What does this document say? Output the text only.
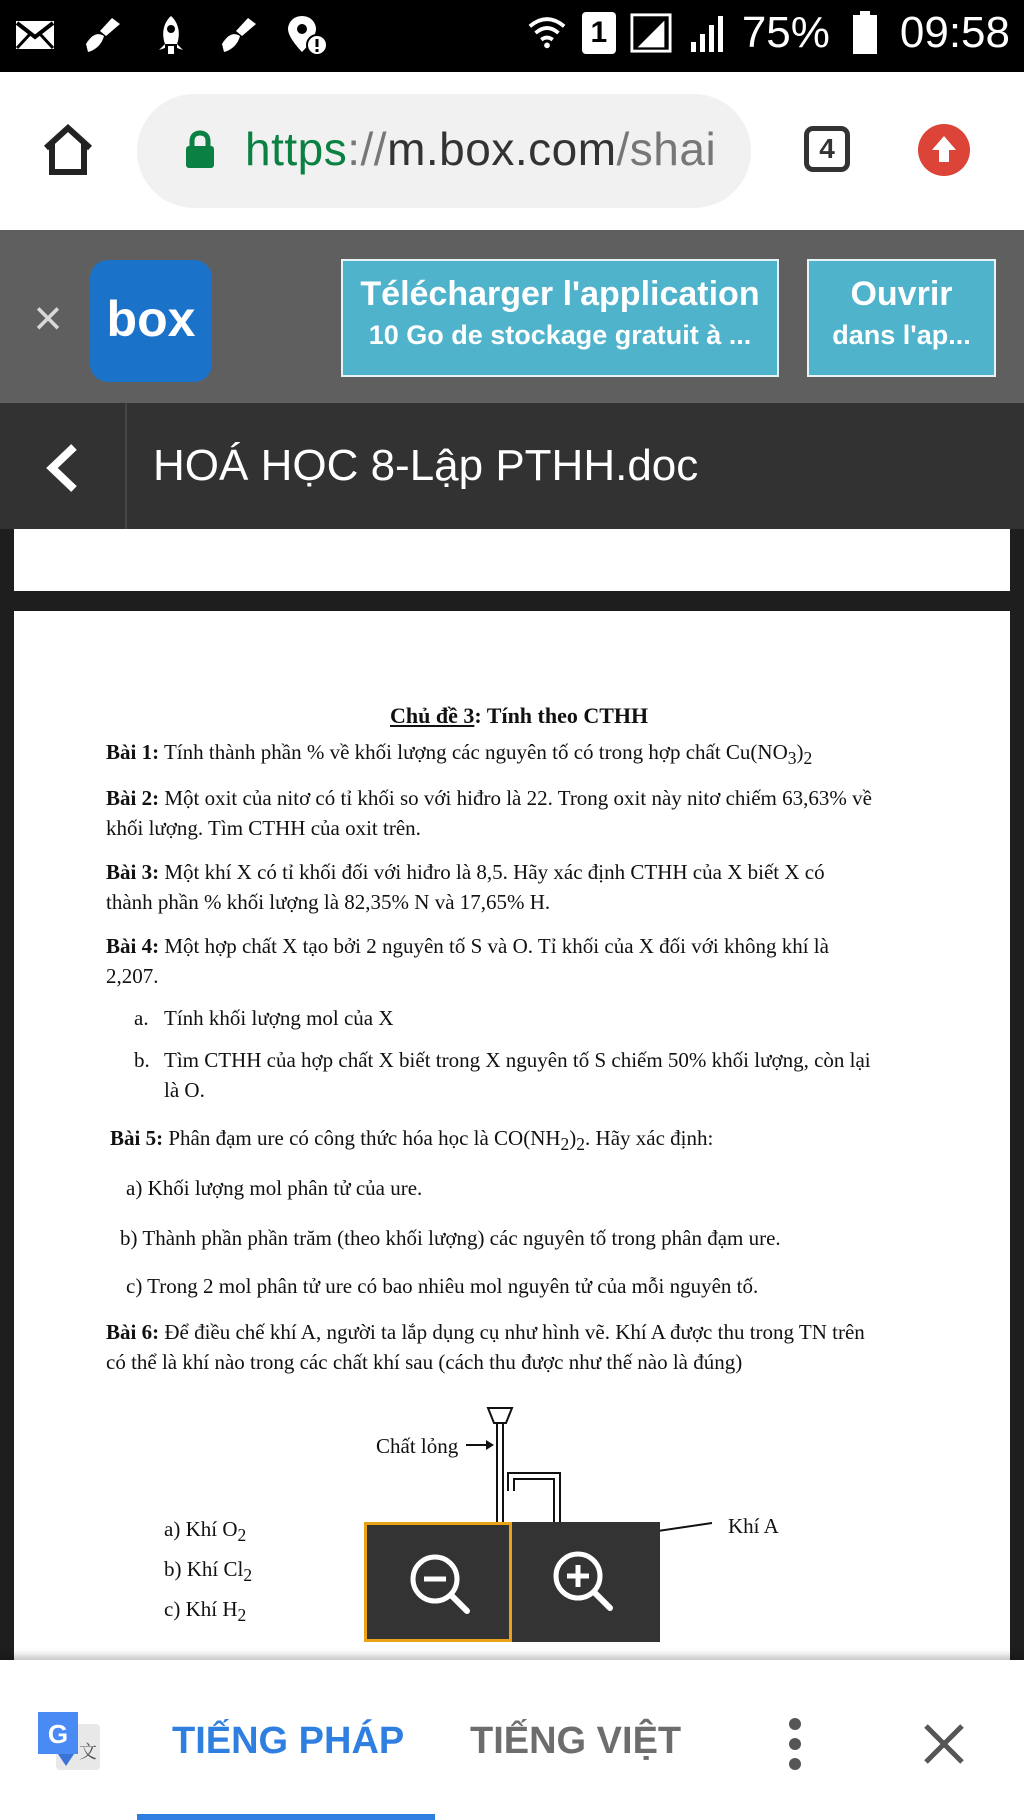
1	75% 09:58
https://m.box.com/shai	4
× box	Télécharger l'application
10 Go de stockage gratuit à ...
Ouvrir
dans l'ap...
HOÁ HỌC 8-Lập PTHH.doc
Chủ đề 3: Tính theo CTHH
Bài 1: Tính thành phần % về khối lượng các nguyên tố có trong hợp chất $Cu(NO_3)_2$
Bài 2: Một oxit của nitơ có tỉ khối so với hiđro là 22. Trong oxit này nitơ chiếm 63,63% về
khối lượng. Tìm CTHH của oxit trên.
Bài 3: Một khí X có tỉ khối đối với hiđro là 8,5. Hãy xác định CTHH của X biết X có
thành phần % khối lượng là 82,35% N và 17,65% H.
Bài 4: Một hợp chất X tạo bởi 2 nguyên tố S và O. Tỉ khối của X đối với không khí là
2,207.
a. Tính khối lượng mol của X
b. Tìm CTHH của hợp chất X biết trong X nguyên tố S chiếm 50% khối lượng, còn lại
là O.
Bài 5: Phân đạm ure có công thức hóa học là $CO(NH_2)_2$. Hãy xác định:
a) Khối lượng mol phân tử của ure.
b) Thành phần phần trăm (theo khối lượng) các nguyên tố trong phân đạm ure.
c) Trong 2 mol phân tử ure có bao nhiêu mol nguyên tử của mỗi nguyên tố.
Bài 6: Để điều chế khí A, người ta lắp dụng cụ như hình vẽ. Khí A được thu trong TN trên
có thể là khí nào trong các chất khí sau (cách thu được như thế nào là đúng)
Chất lỏng
Khí A
a) Khí $O_2$
b) Khí $Cl_2$
c) Khí $H_2$
G
文 TIẾNG PHÁP TIẾNG VIỆT
